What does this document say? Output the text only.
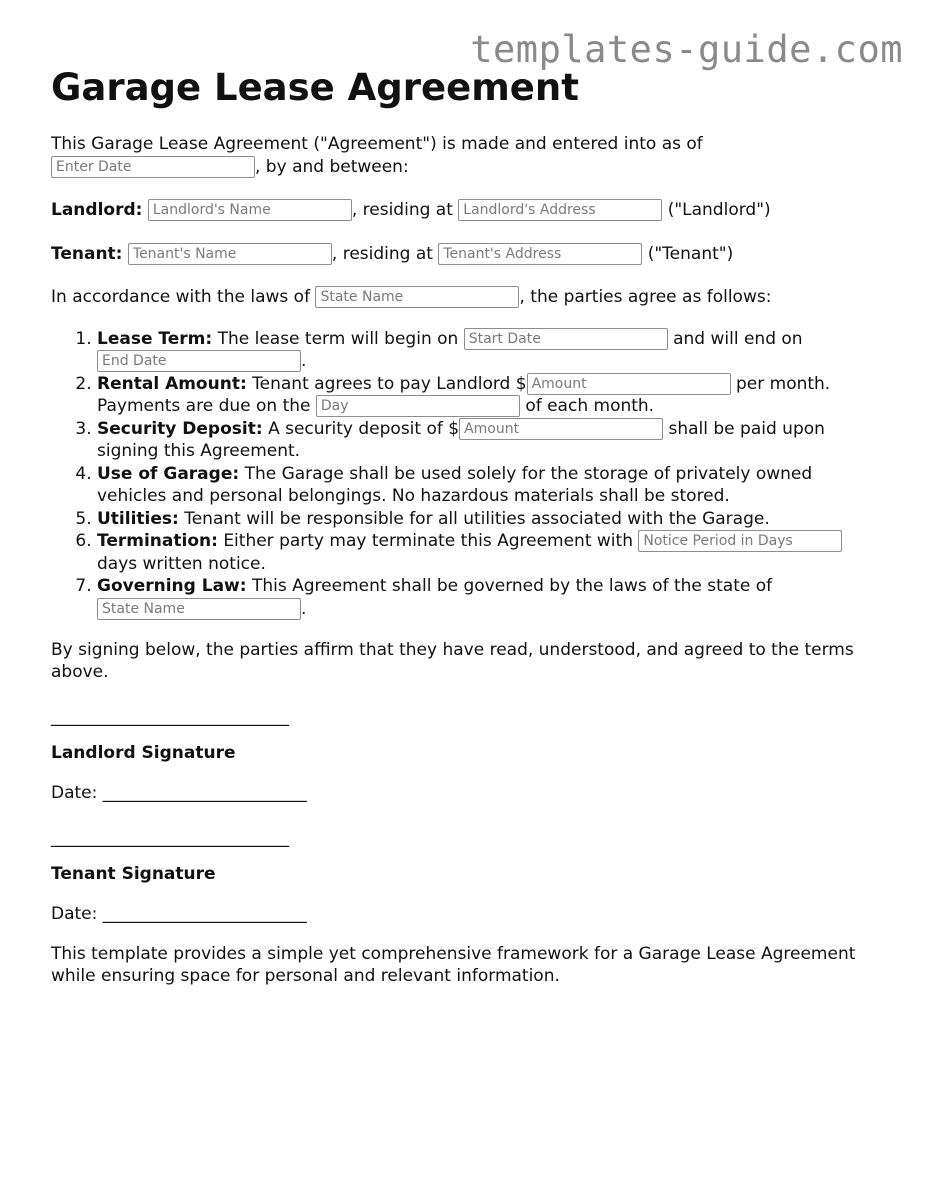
templates-guide.com
Garage Lease Agreement

This Garage Lease Agreement ("Agreement") is made and entered into as of
Enter Date, by and between:

Landlord: Landlord's Name	, residing at Landlord's Address	("Landlord")

Tenant: Tenant's Name	, residing at Tenant's Address	("Tenant")

In accordance with the laws of State Name	, the parties agree as follows:

1. Lease Term: The lease term will begin on Start Date	and will end on
End Date.
2. Rental Amount: Tenant agrees to pay Landlord $Amount	per month.
Payments are due on the Day	of each month.
3. Security Deposit: A security deposit of $Amount	shall be paid upon signing this Agreement.
4. Use of Garage: The Garage shall be used solely for the storage of privately owned vehicles and personal belongings. No hazardous materials shall be stored.
5. Utilities: Tenant will be responsible for all utilities associated with the Garage.
6. Termination: Either party may terminate this Agreement with Notice Period in Days
days written notice.
7. Governing Law: This Agreement shall be governed by the laws of the state of
State Name.

By signing below, the parties affirm that they have read, understood, and agreed to the terms above.

____________________________

Landlord Signature

Date: ________________________

____________________________

Tenant Signature

Date: ________________________

This template provides a simple yet comprehensive framework for a Garage Lease Agreement while ensuring space for personal and relevant information.
